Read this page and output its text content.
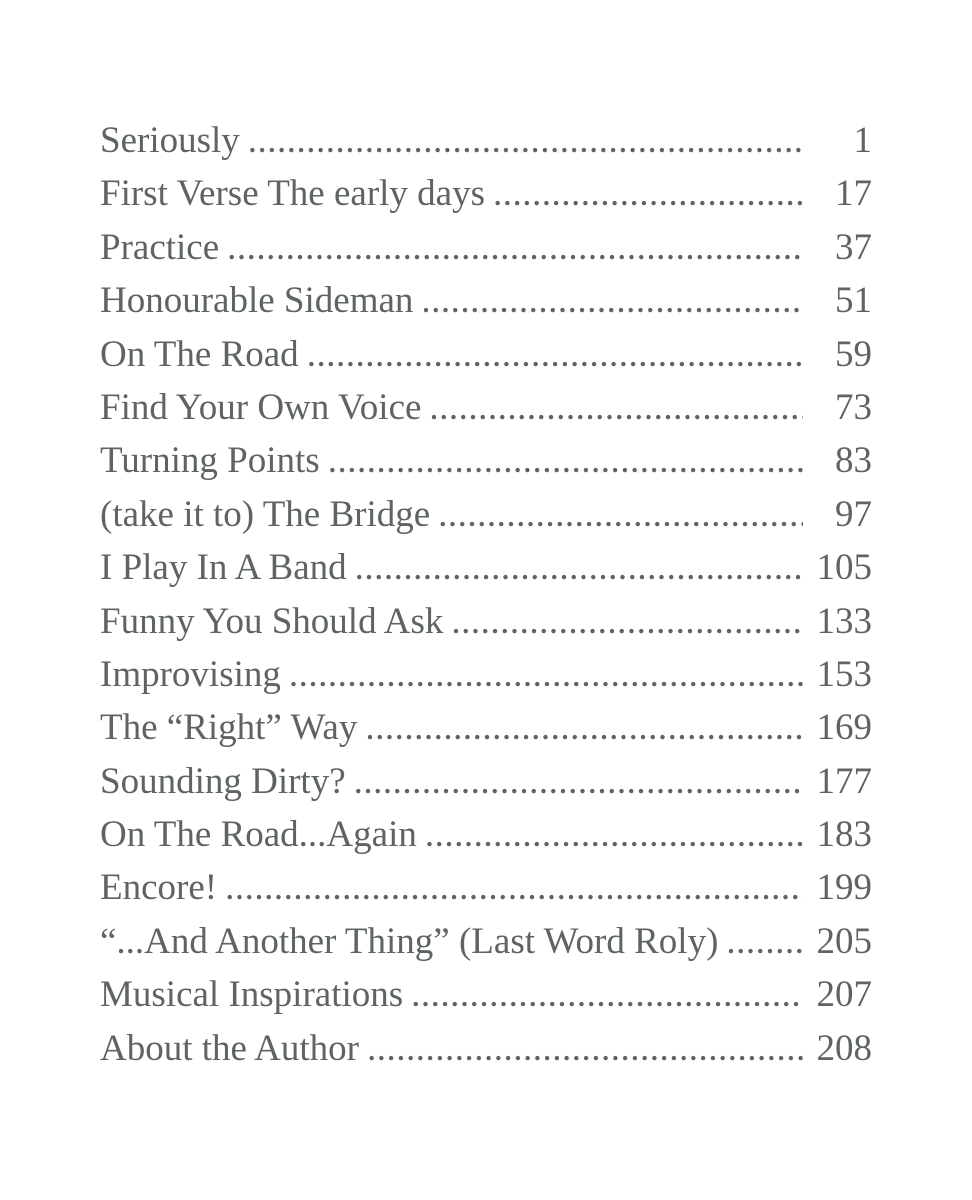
Seriously .....	1
First Verse The early days .....	17
Practice .....	37
Honourable Sideman .....	51
On The Road .....	59
Find Your Own Voice .....	73
Turning Points .....	83
(take it to) The Bridge .....	97
I Play In A Band .....	105
Funny You Should Ask .....	133
Improvising .....	153
The “Right” Way .....	169
Sounding Dirty? .....	177
On The Road...Again .....	183
Encore! .....	199
“...And Another Thing” (Last Word Roly) .....	205
Musical Inspirations .....	207
About the Author .....	208
